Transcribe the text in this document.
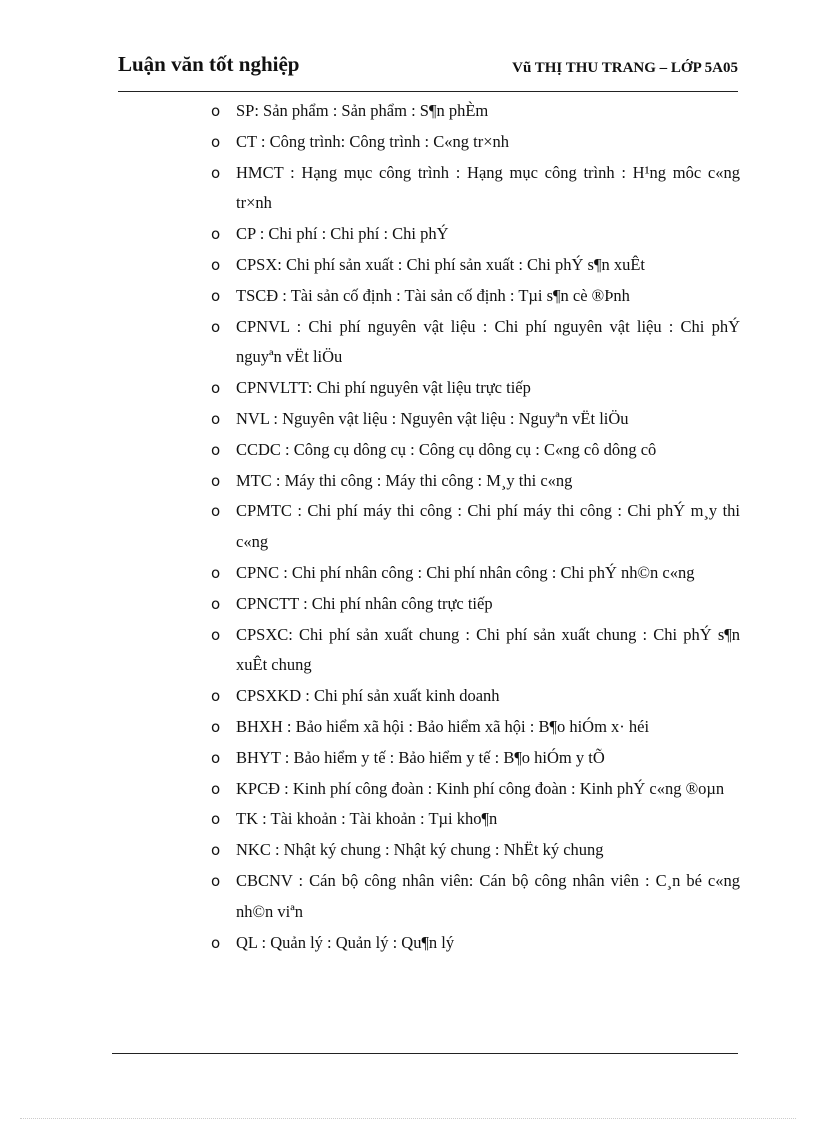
Luận văn tốt nghiệp	Vũ THỊ THU TRANG – LỚP 5A05
o SP: Sản phẩm : Sản phẩm : S¶n phÈm
o CT : Công trình: Công trình : C«ng tr×nh
o HMCT : Hạng mục công trình : Hạng mục công trình : H¹ng môc c«ng tr×nh
o CP : Chi phí : Chi phí : Chi phÝ
o CPSX: Chi phí sản xuất : Chi phí sản xuất : Chi phÝ s¶n xuÊt
o TSCĐ : Tài sản cố định : Tài sản cố định : Tµi s¶n cè ®Þnh
o CPNVL : Chi phí nguyên vật liệu : Chi phí nguyên vật liệu : Chi phÝ nguyªn vËt liÖu
o CPNVLTT: Chi phí nguyên vật liệu trực tiếp
o NVL : Nguyên vật liệu : Nguyên vật liệu : Nguyªn vËt liÖu
o CCDC : Công cụ dông cụ : Công cụ dông cụ : C«ng cô dông cô
o MTC : Máy thi công : Máy thi công : M¸y thi c«ng
o CPMTC : Chi phí máy thi công : Chi phí máy thi công : Chi phÝ m¸y thi c«ng
o CPNC : Chi phí nhân công : Chi phí nhân công : Chi phÝ nh©n c«ng
o CPNCTT : Chi phí nhân công trực tiếp
o CPSXC: Chi phí sản xuất chung : Chi phí sản xuất chung : Chi phÝ s¶n xuÊt chung
o CPSXKD : Chi phí sản xuất kinh doanh
o BHXH : Bảo hiểm xã hội : Bảo hiểm xã hội : B¶o hiÓm x· héi
o BHYT : Bảo hiểm y tế : Bảo hiểm y tế : B¶o hiÓm y tÕ
o KPCĐ : Kinh phí công đoàn : Kinh phí công đoàn : Kinh phÝ c«ng ®oµn
o TK : Tài khoản : Tài khoản : Tµi kho¶n
o NKC : Nhật ký chung : Nhật ký chung : NhËt ký chung
o CBCNV : Cán bộ công nhân viên: Cán bộ công nhân viên : C¸n bé c«ng nh©n viªn
o QL : Quản lý : Quản lý : Qu¶n lý
